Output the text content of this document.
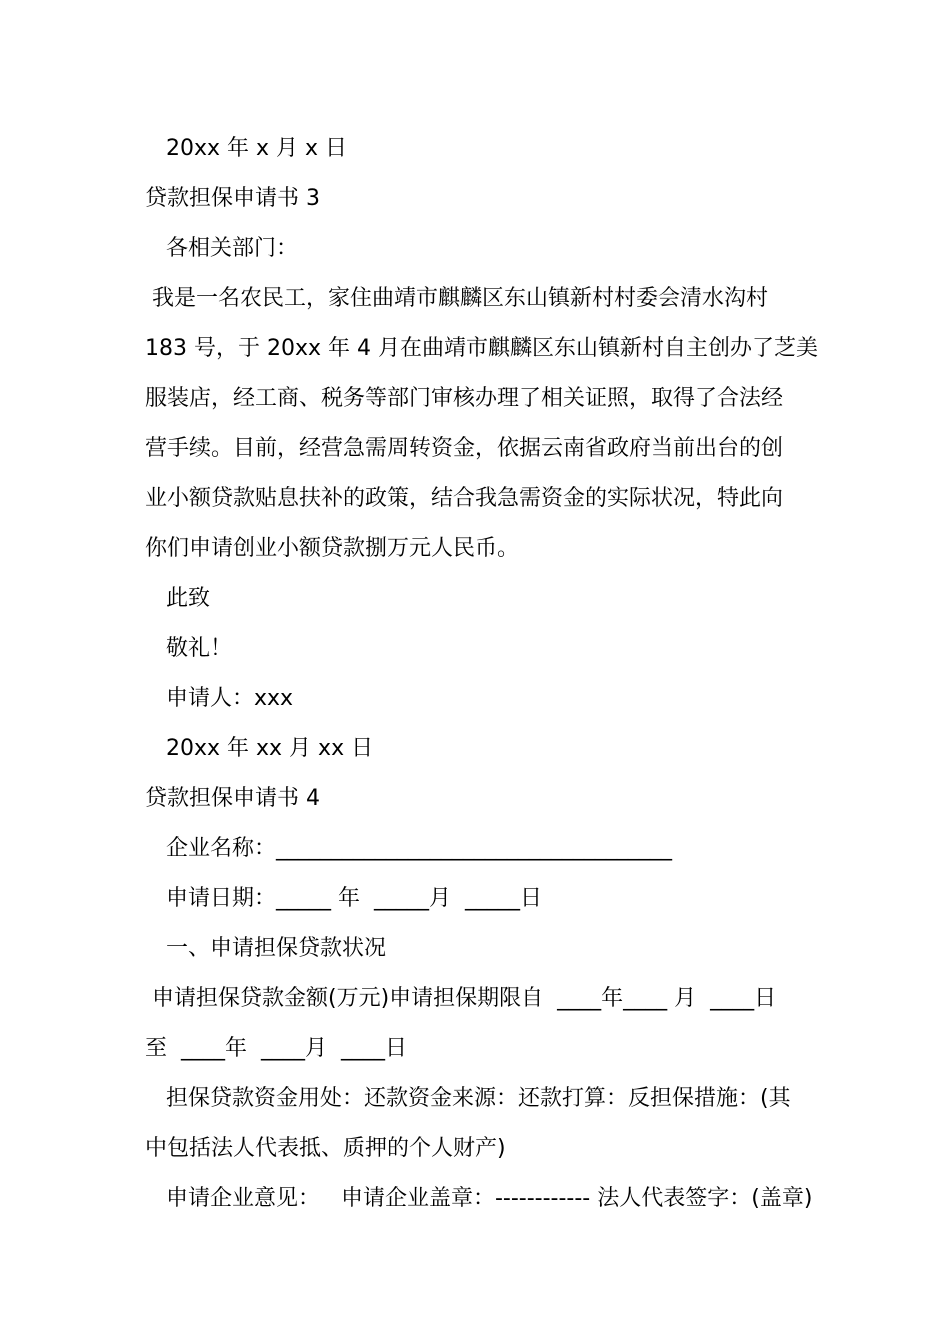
20xx 年 x 月 x 日
贷款担保申请书 3
各相关部门：
我是一名农民工，家住曲靖市麒麟区东山镇新村村委会清水沟村
183 号，于 20xx 年 4 月在曲靖市麒麟区东山镇新村自主创办了芝美
服装店，经工商、税务等部门审核办理了相关证照，取得了合法经
营手续。目前，经营急需周转资金，依据云南省政府当前出台的创
业小额贷款贴息扶补的政策，结合我急需资金的实际状况，特此向
你们申请创业小额贷款捌万元人民币。
此致
敬礼！
申请人：xxx
20xx 年 xx 月 xx 日
贷款担保申请书 4
企业名称：____________________________________
申请日期：_____ 年  _____月  _____日
一、申请担保贷款状况
申请担保贷款金额(万元)申请担保期限自  ____年____ 月  ____日
至  ____年  ____月  ____日
担保贷款资金用处：还款资金来源：还款打算：反担保措施：(其
中包括法人代表抵、质押的个人财产)
申请企业意见：   申请企业盖章：------------ 法人代表签字：(盖章)
